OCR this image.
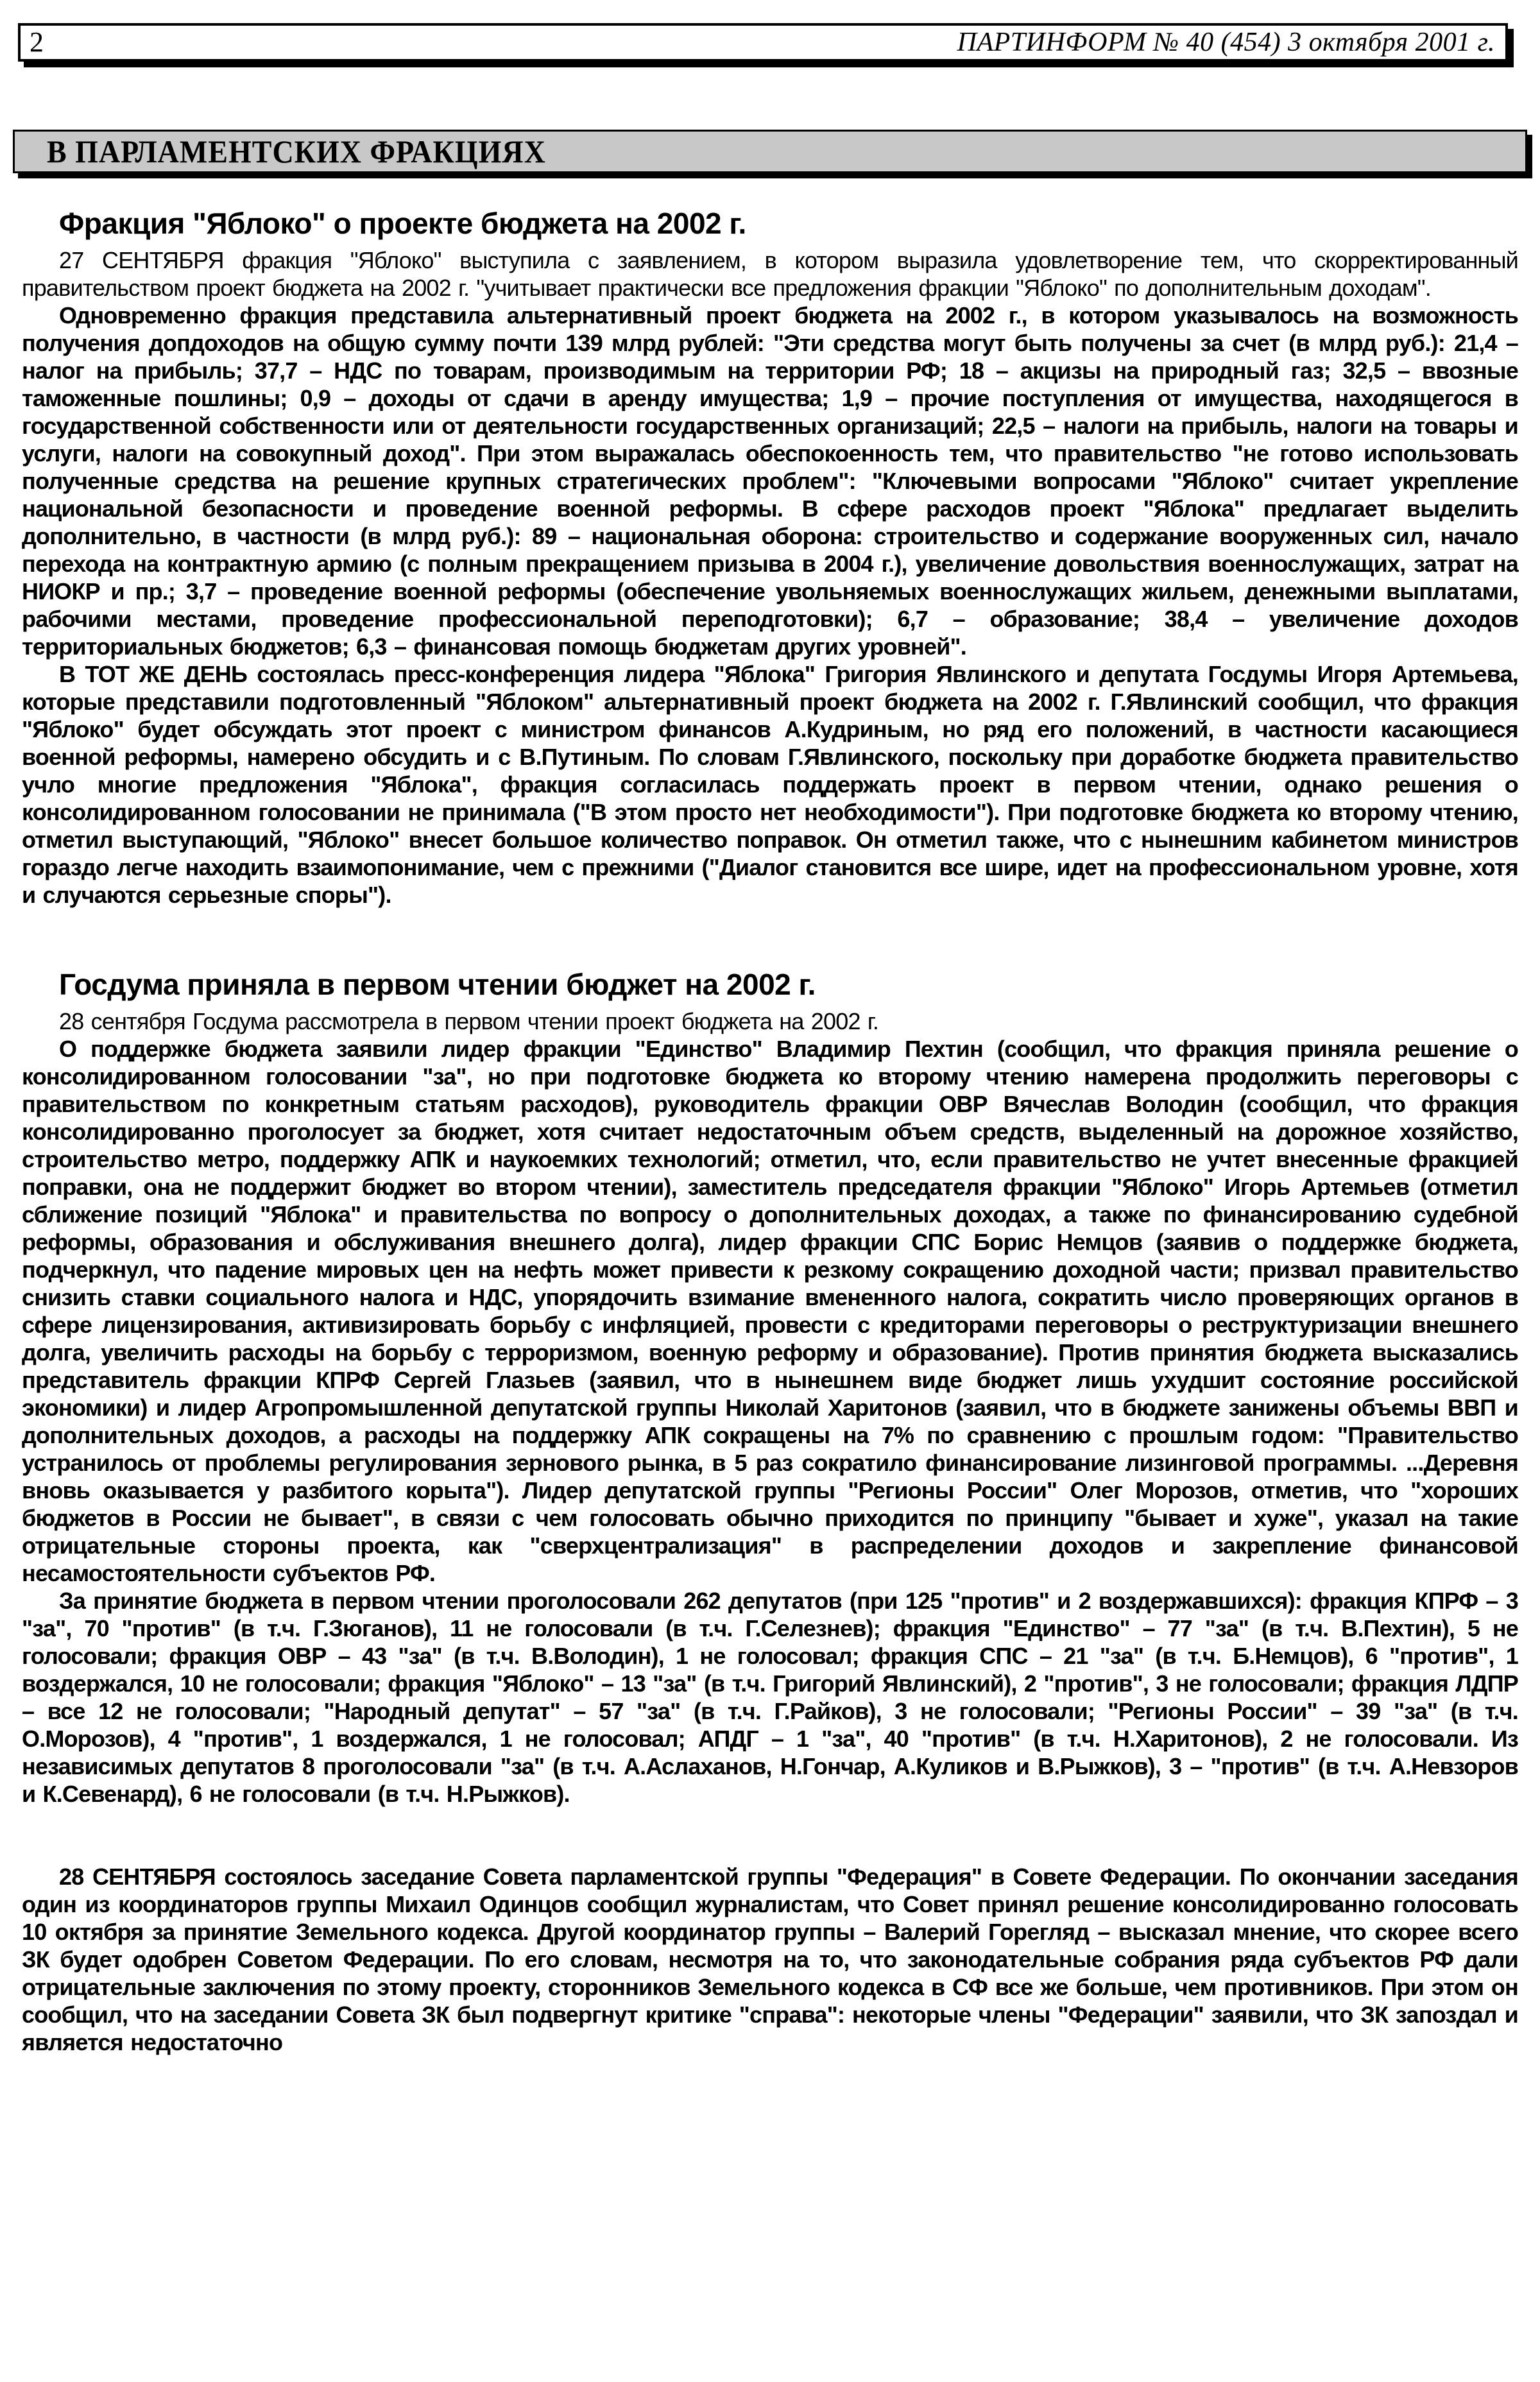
2	ПАРТИНФОРМ № 40 (454) 3 октября 2001 г.
В ПАРЛАМЕНТСКИХ ФРАКЦИЯХ
Фракция "Яблоко" о проекте бюджета на 2002 г.

27 СЕНТЯБРЯ фракция "Яблоко" выступила с заявлением, в котором выразила удовлетворение тем, что скорректированный правительством проект бюджета на 2002 г. "учитывает практически все предложения фракции "Яблоко" по дополнительным доходам".

Одновременно фракция представила альтернативный проект бюджета на 2002 г., в котором указывалось на возможность получения допдоходов на общую сумму почти 139 млрд рублей: "Эти средства могут быть получены за счет (в млрд руб.): 21,4 – налог на прибыль; 37,7 – НДС по товарам, производимым на территории РФ; 18 – акцизы на природный газ; 32,5 – ввозные таможенные пошлины; 0,9 – доходы от сдачи в аренду имущества; 1,9 – прочие поступления от имущества, находящегося в государственной собственности или от деятельности государственных организаций; 22,5 – налоги на прибыль, налоги на товары и услуги, налоги на совокупный доход". При этом выражалась обеспокоенность тем, что правительство "не готово использовать полученные средства на решение крупных стратегических проблем": "Ключевыми вопросами "Яблоко" считает укрепление национальной безопасности и проведение военной реформы. В сфере расходов проект "Яблока" предлагает выделить дополнительно, в частности (в млрд руб.): 89 – национальная оборона: строительство и содержание вооруженных сил, начало перехода на контрактную армию (с полным прекращением призыва в 2004 г.), увеличение довольствия военнослужащих, затрат на НИОКР и пр.; 3,7 – проведение военной реформы (обеспечение увольняемых военнослужащих жильем, денежными выплатами, рабочими местами, проведение профессиональной переподготовки); 6,7 – образование; 38,4 – увеличение доходов территориальных бюджетов; 6,3 – финансовая помощь бюджетам других уровней".

В ТОТ ЖЕ ДЕНЬ состоялась пресс-конференция лидера "Яблока" Григория Явлинского и депутата Госдумы Игоря Артемьева, которые представили подготовленный "Яблоком" альтернативный проект бюджета на 2002 г. Г.Явлинский сообщил, что фракция "Яблоко" будет обсуждать этот проект с министром финансов А.Кудриным, но ряд его положений, в частности касающиеся военной реформы, намерено обсудить и с В.Путиным. По словам Г.Явлинского, поскольку при доработке бюджета правительство учло многие предложения "Яблока", фракция согласилась поддержать проект в первом чтении, однако решения о консолидированном голосовании не принимала ("В этом просто нет необходимости"). При подготовке бюджета ко второму чтению, отметил выступающий, "Яблоко" внесет большое количество поправок. Он отметил также, что с нынешним кабинетом министров гораздо легче находить взаимопонимание, чем с прежними ("Диалог становится все шире, идет на профессиональном уровне, хотя и случаются серьезные споры").

Госдума приняла в первом чтении бюджет на 2002 г.

28 сентября Госдума рассмотрела в первом чтении проект бюджета на 2002 г.

О поддержке бюджета заявили лидер фракции "Единство" Владимир Пехтин (сообщил, что фракция приняла решение о консолидированном голосовании "за", но при подготовке бюджета ко второму чтению намерена продолжить переговоры с правительством по конкретным статьям расходов), руководитель фракции ОВР Вячеслав Володин (сообщил, что фракция консолидированно проголосует за бюджет, хотя считает недостаточным объем средств, выделенный на дорожное хозяйство, строительство метро, поддержку АПК и наукоемких технологий; отметил, что, если правительство не учтет внесенные фракцией поправки, она не поддержит бюджет во втором чтении), заместитель председателя фракции "Яблоко" Игорь Артемьев (отметил сближение позиций "Яблока" и правительства по вопросу о дополнительных доходах, а также по финансированию судебной реформы, образования и обслуживания внешнего долга), лидер фракции СПС Борис Немцов (заявив о поддержке бюджета, подчеркнул, что падение мировых цен на нефть может привести к резкому сокращению доходной части; призвал правительство снизить ставки социального налога и НДС, упорядочить взимание вмененного налога, сократить число проверяющих органов в сфере лицензирования, активизировать борьбу с инфляцией, провести с кредиторами переговоры о реструктуризации внешнего долга, увеличить расходы на борьбу с терроризмом, военную реформу и образование). Против принятия бюджета высказались представитель фракции КПРФ Сергей Глазьев (заявил, что в нынешнем виде бюджет лишь ухудшит состояние российской экономики) и лидер Агропромышленной депутатской группы Николай Харитонов (заявил, что в бюджете занижены объемы ВВП и дополнительных доходов, а расходы на поддержку АПК сокращены на 7% по сравнению с прошлым годом: "Правительство устранилось от проблемы регулирования зернового рынка, в 5 раз сократило финансирование лизинговой программы. ...Деревня вновь оказывается у разбитого корыта"). Лидер депутатской группы "Регионы России" Олег Морозов, отметив, что "хороших бюджетов в России не бывает", в связи с чем голосовать обычно приходится по принципу "бывает и хуже", указал на такие отрицательные стороны проекта, как "сверхцентрализация" в распределении доходов и закрепление финансовой несамостоятельности субъектов РФ.

За принятие бюджета в первом чтении проголосовали 262 депутатов (при 125 "против" и 2 воздержавшихся): фракция КПРФ – 3 "за", 70 "против" (в т.ч. Г.Зюганов), 11 не голосовали (в т.ч. Г.Селезнев); фракция "Единство" – 77 "за" (в т.ч. В.Пехтин), 5 не голосовали; фракция ОВР – 43 "за" (в т.ч. В.Володин), 1 не голосовал; фракция СПС – 21 "за" (в т.ч. Б.Немцов), 6 "против", 1 воздержался, 10 не голосовали; фракция "Яблоко" – 13 "за" (в т.ч. Григорий Явлинский), 2 "против", 3 не голосовали; фракция ЛДПР – все 12 не голосовали; "Народный депутат" – 57 "за" (в т.ч. Г.Райков), 3 не голосовали; "Регионы России" – 39 "за" (в т.ч. О.Морозов), 4 "против", 1 воздержался, 1 не голосовал; АПДГ – 1 "за", 40 "против" (в т.ч. Н.Харитонов), 2 не голосовали. Из независимых депутатов 8 проголосовали "за" (в т.ч. А.Аслаханов, Н.Гончар, А.Куликов и В.Рыжков), 3 – "против" (в т.ч. А.Невзоров и К.Севенард), 6 не голосовали (в т.ч. Н.Рыжков).

28 СЕНТЯБРЯ состоялось заседание Совета парламентской группы "Федерация" в Совете Федерации. По окончании заседания один из координаторов группы Михаил Одинцов сообщил журналистам, что Совет принял решение консолидированно голосовать 10 октября за принятие Земельного кодекса. Другой координатор группы – Валерий Горегляд – высказал мнение, что скорее всего ЗК будет одобрен Советом Федерации. По его словам, несмотря на то, что законодательные собрания ряда субъектов РФ дали отрицательные заключения по этому проекту, сторонников Земельного кодекса в СФ все же больше, чем противников. При этом он сообщил, что на заседании Совета ЗК был подвергнут критике "справа": некоторые члены "Федерации" заявили, что ЗК запоздал и является недостаточно
